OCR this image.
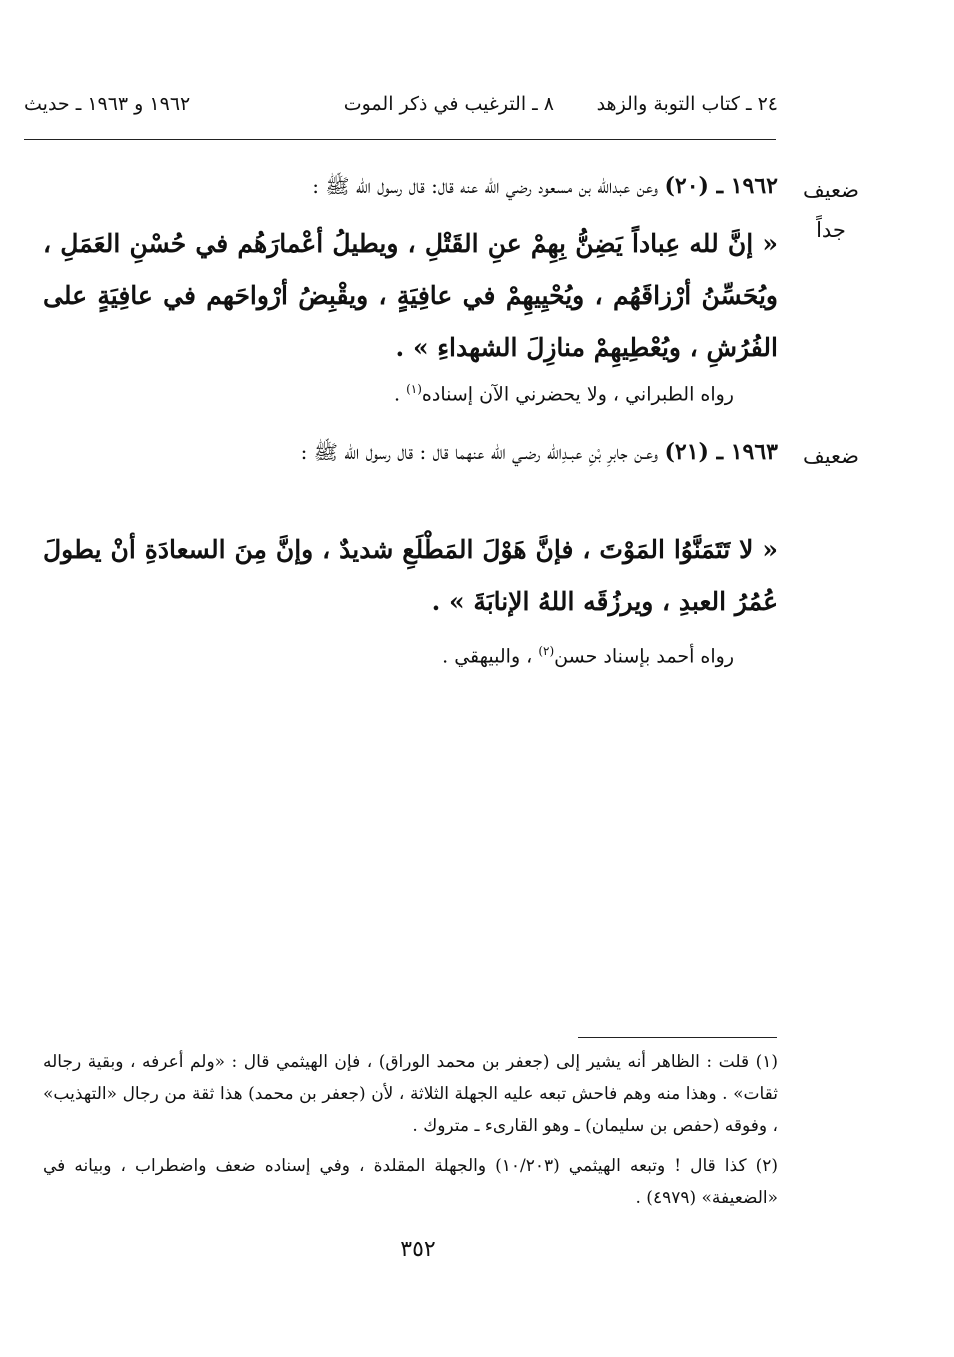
٢٤ ـ كتاب التوبة والزهد
٨ ـ الترغيب في ذكر الموت
١٩٦٢ و ١٩٦٣ ـ حديث
ضعيف جداً
١٩٦٢ ـ (٢٠) وعن عبدالله بن مسعود رضي الله عنه قال: قال رسول الله ﷺ :
« إنَّ لله عِباداً يَضِنُّ بِهِمْ عنِ القَتْلِ ، ويطيلُ أعْمارَهُم في حُسْنِ العَمَلِ ، ويُحَسِّنُ أرْزاقَهُم ، ويُحْيِيهِمْ في عافِيَةٍ ، ويقْبِضُ أرْواحَهم في عافِيَةٍ على الفُرُشِ ، ويُعْطِيهِمْ منازِلَ الشهداءِ » .
رواه الطبراني ، ولا يحضرني الآن إسناده$^{(١)}$ .
ضعيف
١٩٦٣ ـ (٢١) وعـن جابرِ بْنِ عبـدِالله رضـي الله عنهما قال : قال رسول الله ﷺ :
« لا تَتَمَنَّوُا المَوْتَ ، فإنَّ هَوْلَ المَطْلَعِ شديدٌ ، وإنَّ مِنَ السعادَةِ أنْ يطولَ عُمُرُ العبدِ ، ويرزُقَه اللهُ الإنابَةَ » .
رواه أحمد بإسناد حسن$^{(٢)}$ ، والبيهقي .
(١) قلت : الظاهر أنه يشير إلى (جعفر بن محمد الوراق) ، فإن الهيثمي قال : «ولم أعرفه ، وبقية رجاله ثقات» . وهذا منه وهم فاحش تبعه عليه الجهلة الثلاثة ، لأن (جعفر بن محمد) هذا ثقة من رجال «التهذيب» ، وفوقه (حفص بن سليمان) ـ وهو القارىء ـ متروك .
(٢) كذا قال ! وتبعه الهيثمي (١٠/٢٠٣) والجهلة المقلدة ، وفي إسناده ضعف واضطراب ، وبيانه في «الضعيفة» (٤٩٧٩) .
٣٥٢
